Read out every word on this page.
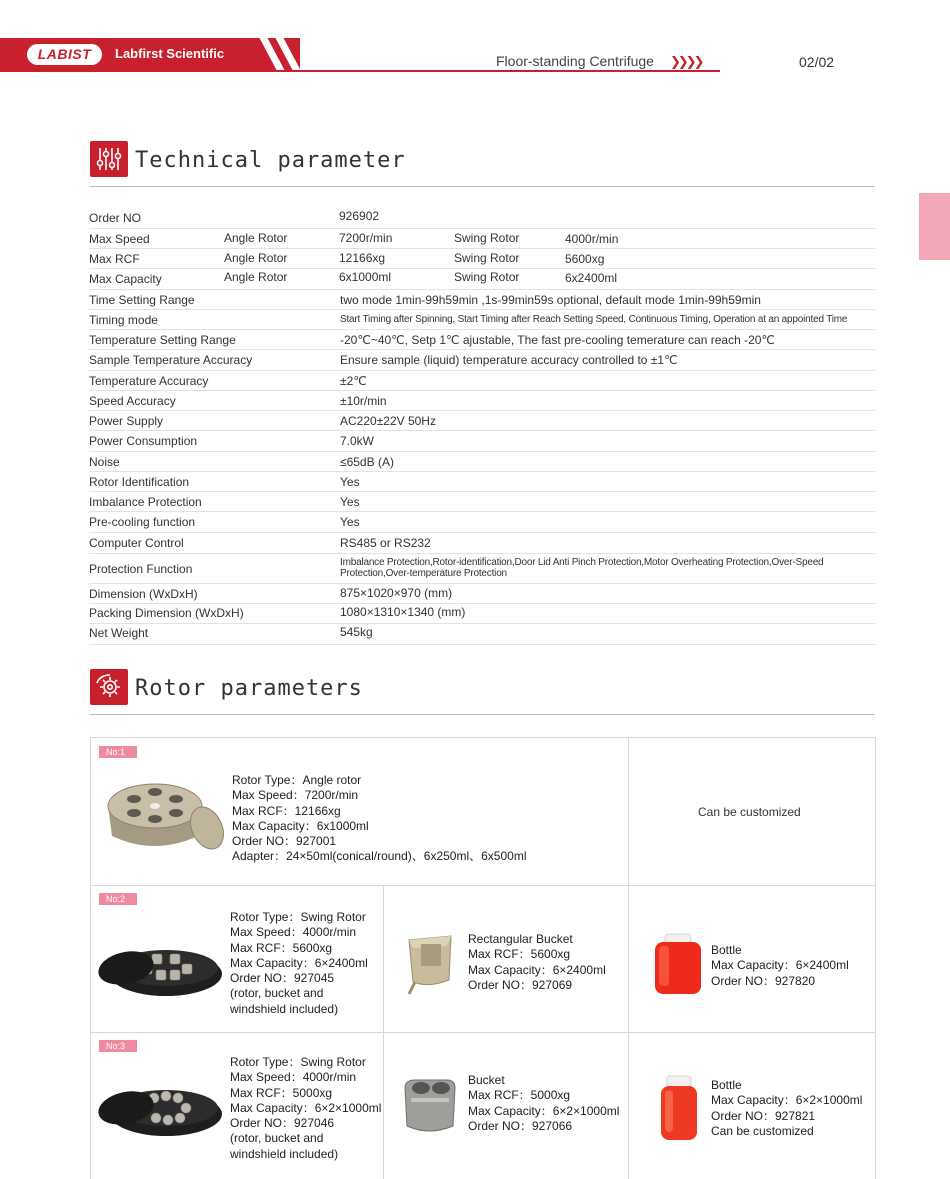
LABIST	Labfirst Scientific	Floor-standing Centrifuge ❯❯❯❯	02/02
Technical parameter
Order NO	926902
Max Speed	Angle Rotor	7200r/min	Swing Rotor	4000r/min
Max RCF	Angle Rotor	12166xg	Swing Rotor	5600xg
Max Capacity	Angle Rotor	6x1000ml	Swing Rotor	6x2400ml
Time Setting Range	two mode 1min-99h59min ,1s-99min59s optional, default mode 1min-99h59min
Timing mode	Start Timing after Spinning, Start Timing after Reach Setting Speed, Continuous Timing, Operation at an appointed Time
Temperature Setting Range	-20℃~40℃, Setp 1℃ ajustable, The fast pre-cooling temerature can reach -20℃
Sample Temperature Accuracy	Ensure sample (liquid) temperature accuracy controlled to ±1℃
Temperature Accuracy	±2℃
Speed Accuracy	±10r/min
Power Supply	AC220±22V 50Hz
Power Consumption	7.0kW
Noise	≤65dB (A)
Rotor Identification	Yes
Imbalance Protection	Yes
Pre-cooling function	Yes
Computer Control	RS485 or RS232
Protection Function	Imbalance Protection,Rotor-identification,Door Lid Anti Pinch Protection,Motor Overheating Protection,Over-Speed
Protection,Over-temperature Protection
Dimension (WxDxH)	875×1020×970 (mm)
Packing Dimension (WxDxH)	1080×1310×1340 (mm)
Net Weight	545kg
Rotor parameters
No:1
Rotor Type：Angle rotor
Max Speed：7200r/min
Max RCF：12166xg
Max Capacity：6x1000ml
Order NO：927001
Adapter：24×50ml(conical/round)、6x250ml、6x500ml
Can be customized
No:2
Rotor Type：Swing Rotor
Max Speed：4000r/min
Max RCF：5600xg
Max Capacity：6×2400ml
Order NO：927045
(rotor, bucket and
windshield included)
Rectangular Bucket
Max RCF：5600xg
Max Capacity：6×2400ml
Order NO：927069
Bottle
Max Capacity：6×2400ml
Order NO：927820
No:3
Rotor Type：Swing Rotor
Max Speed：4000r/min
Max RCF：5000xg
Max Capacity：6×2×1000ml
Order NO：927046
(rotor, bucket and
windshield included)
Bucket
Max RCF：5000xg
Max Capacity：6×2×1000ml
Order NO：927066
Bottle
Max Capacity：6×2×1000ml
Order NO：927821
Can be customized
